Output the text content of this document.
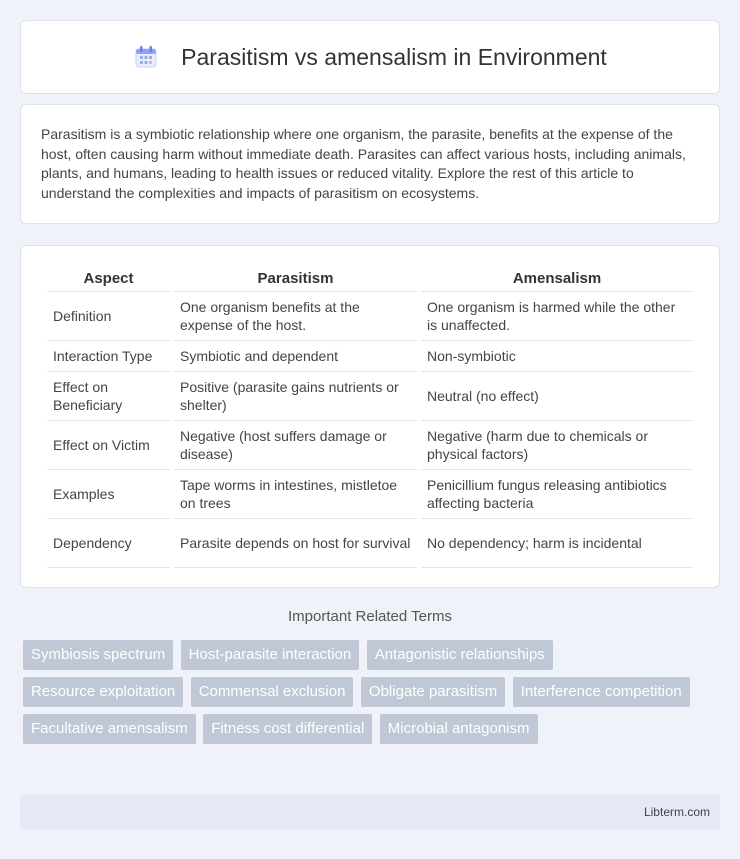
Parasitism vs amensalism in Environment

Parasitism is a symbiotic relationship where one organism, the parasite, benefits at the expense of the host, often causing harm without immediate death. Parasites can affect various hosts, including animals, plants, and humans, leading to health issues or reduced vitality. Explore the rest of this article to understand the complexities and impacts of parasitism on ecosystems.

Aspect	Parasitism	Amensalism
Definition	One organism benefits at the expense of the host.	One organism is harmed while the other is unaffected.
Interaction Type	Symbiotic and dependent	Non-symbiotic
Effect on Beneficiary	Positive (parasite gains nutrients or shelter)	Neutral (no effect)
Effect on Victim	Negative (host suffers damage or disease)	Negative (harm due to chemicals or physical factors)
Examples	Tape worms in intestines, mistletoe on trees	Penicillium fungus releasing antibiotics affecting bacteria
Dependency	Parasite depends on host for survival	No dependency; harm is incidental
Important Related Terms
Symbiosis spectrum Host-parasite interaction Antagonistic relationships Resource exploitation Commensal exclusion Obligate parasitism Interference competition Facultative amensalism Fitness cost differential Microbial antagonism
Libterm.com
